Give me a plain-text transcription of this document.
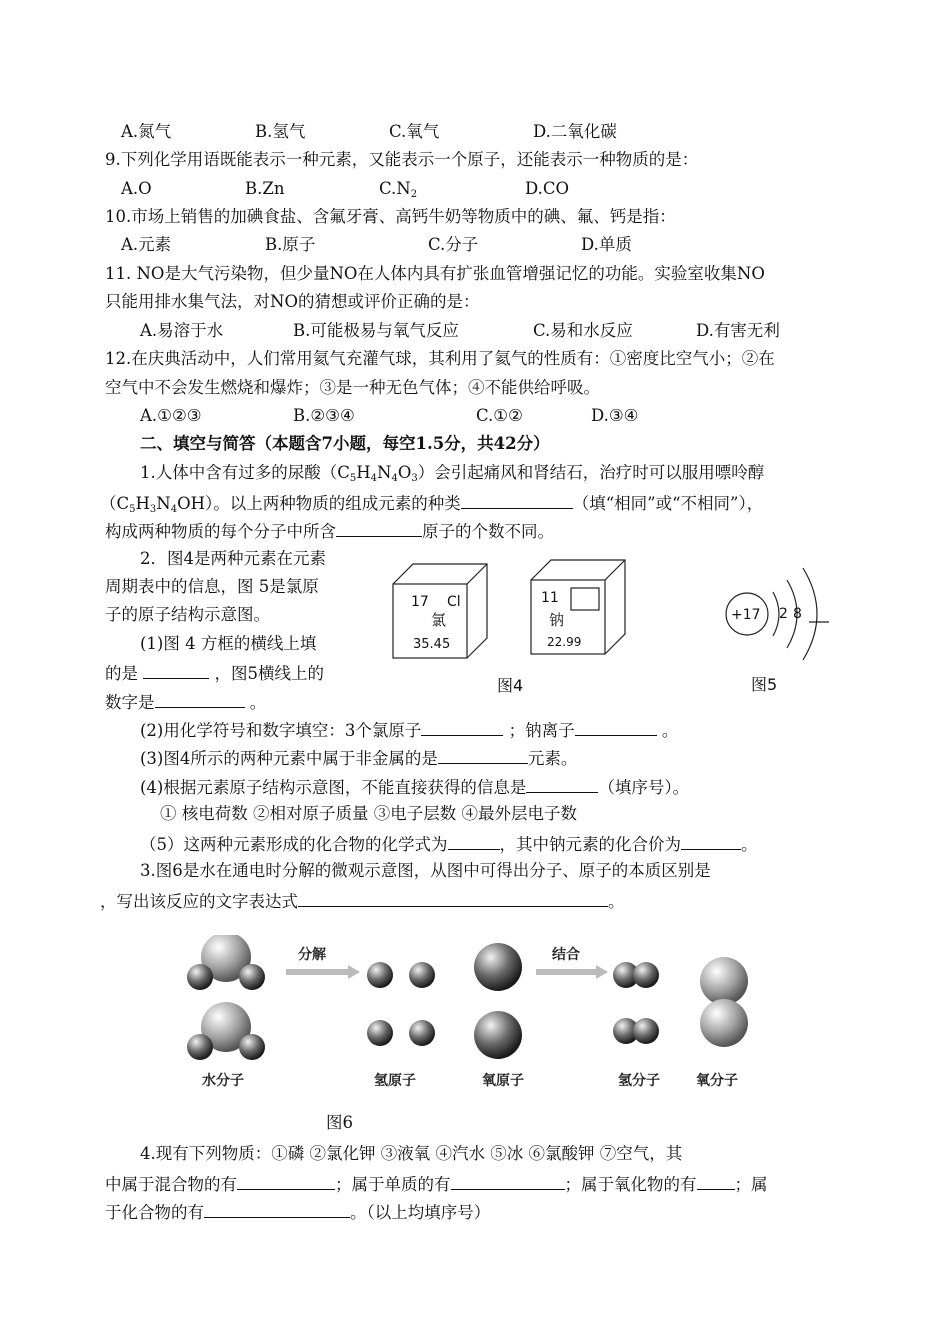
A.氮气	B.氢气	C.氧气	D.二氧化碳
9.下列化学用语既能表示一种元素，又能表示一个原子，还能表示一种物质的是：
A.O	B.Zn	$C.N_2$	D.CO
10.市场上销售的加碘食盐、含氟牙膏、高钙牛奶等物质中的碘、氟、钙是指：
A.元素	B.原子	C.分子	D.单质
11. NO是大气污染物，但少量NO在人体内具有扩张血管增强记忆的功能。实验室收集NO
只能用排水集气法，对NO的猜想或评价正确的是：
A.易溶于水	B.可能极易与氧气反应	C.易和水反应	D.有害无利
12.在庆典活动中，人们常用氦气充灌气球，其利用了氦气的性质有：①密度比空气小；②在
空气中不会发生燃烧和爆炸；③是一种无色气体；④不能供给呼吸。
A.①②③	B.②③④	C.①②	D.③④
二、填空与简答（本题含7小题，每空1.5分，共42分）
1.人体中含有过多的尿酸$(C_5H_4N_4O_3)$会引起痛风和肾结石，治疗时可以服用嘌呤醇
$(C_5H_3N_4OH)$。以上两种物质的组成元素的种类	（填“相同”或“不相同”），
构成两种物质的每个分子中所含	原子的个数不同。
2．图4是两种元素在元素
周期表中的信息，图 5是氯原
子的原子结构示意图。
(1)图 4 方框的横线上填
的是	，图5横线上的
数字是	。
17 Cl
氯
35.45
11
钠
22.99
图4
+17 2 8
图5
(2)用化学符号和数字填空：3个氯原子	；钠离子	。
(3)图4所示的两种元素中属于非金属的是	元素。
(4)根据元素原子结构示意图，不能直接获得的信息是	（填序号）。
① 核电荷数 ②相对原子质量 ③电子层数 ④最外层电子数
（5）这两种元素形成的化合物的化学式为	，其中钠元素的化合价为	。
3.图6是水在通电时分解的微观示意图，从图中可得出分子、原子的本质区别是
，写出该反应的文字表达式	。
分解	结合
水分子	氢原子	氧原子	氢分子	氧分子
图6
4.现有下列物质：①磷 ②氯化钾 ③液氧 ④汽水 ⑤冰 ⑥氯酸钾 ⑦空气，其
中属于混合物的有	；属于单质的有	；属于氧化物的有 ；属
于化合物的有	。（以上均填序号）
